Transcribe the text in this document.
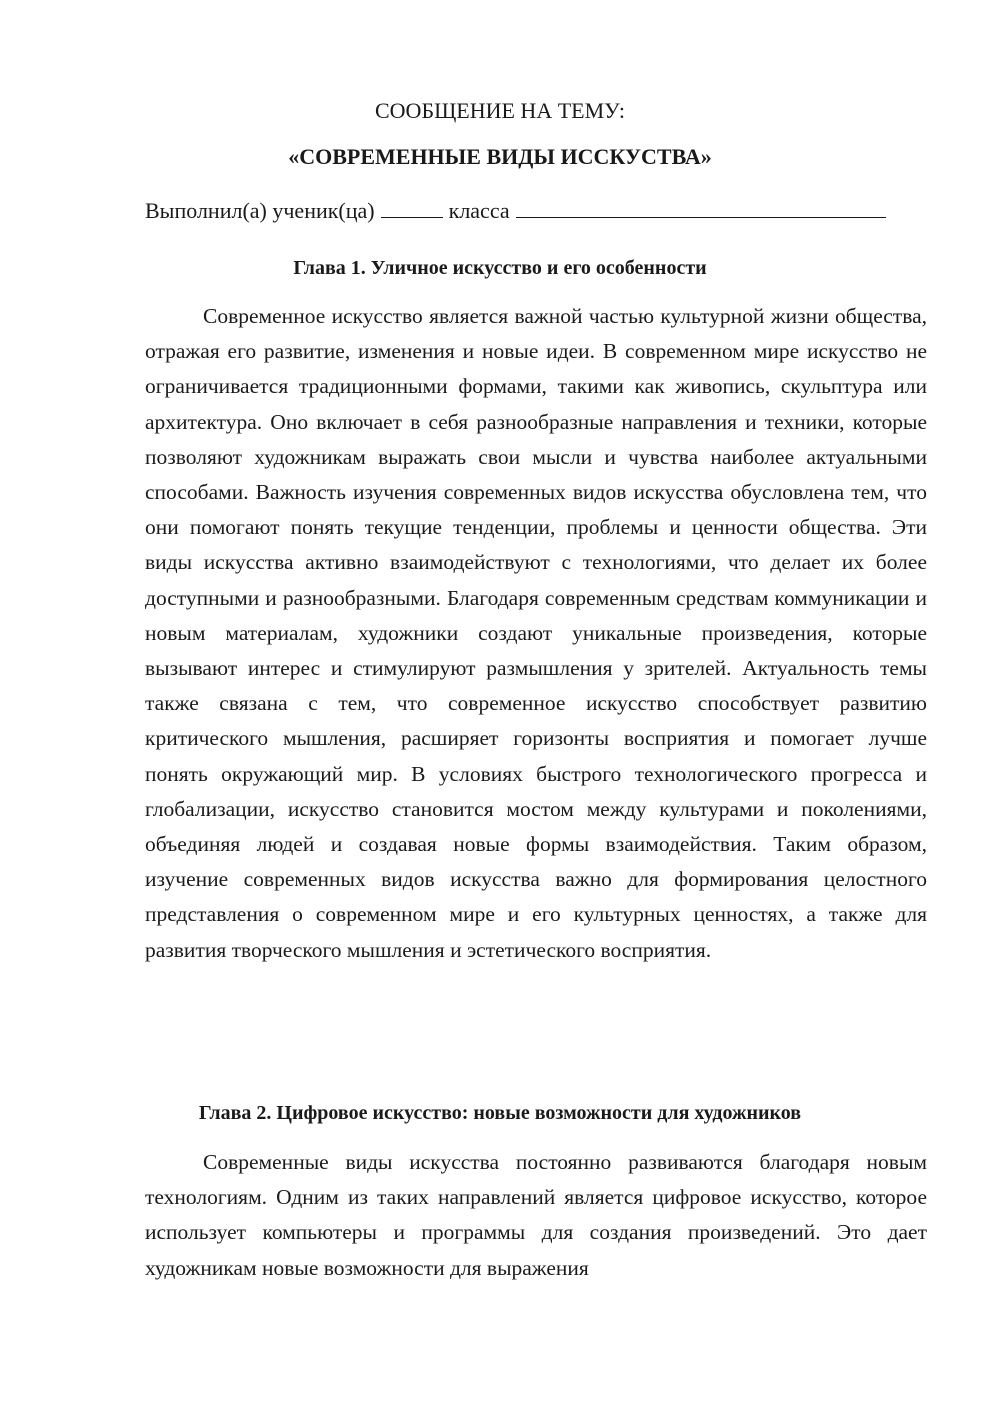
СООБЩЕНИЕ НА ТЕМУ:
«СОВРЕМЕННЫЕ ВИДЫ ИССКУСТВА»
Выполнил(а) ученик(ца)	класса
Глава 1. Уличное искусство и его особенности

Современное искусство является важной частью культурной жизни общества, отражая его развитие, изменения и новые идеи. В современном мире искусство не ограничивается традиционными формами, такими как живопись, скульптура или архитектура. Оно включает в себя разнообразные направления и техники, которые позволяют художникам выражать свои мысли и чувства наиболее актуальными способами. Важность изучения современных видов искусства обусловлена тем, что они помогают понять текущие тенденции, проблемы и ценности общества. Эти виды искусства активно взаимодействуют с технологиями, что делает их более доступными и разнообразными. Благодаря современным средствам коммуникации и новым материалам, художники создают уникальные произведения, которые вызывают интерес и стимулируют размышления у зрителей. Актуальность темы также связана с тем, что современное искусство способствует развитию критического мышления, расширяет горизонты восприятия и помогает лучше понять окружающий мир. В условиях быстрого технологического прогресса и глобализации, искусство становится мостом между культурами и поколениями, объединяя людей и создавая новые формы взаимодействия. Таким образом, изучение современных видов искусства важно для формирования целостного представления о современном мире и его культурных ценностях, а также для развития творческого мышления и эстетического восприятия.

Глава 2. Цифровое искусство: новые возможности для художников

Современные виды искусства постоянно развиваются благодаря новым технологиям. Одним из таких направлений является цифровое искусство, которое использует компьютеры и программы для создания произведений. Это дает художникам новые возможности для выражения
